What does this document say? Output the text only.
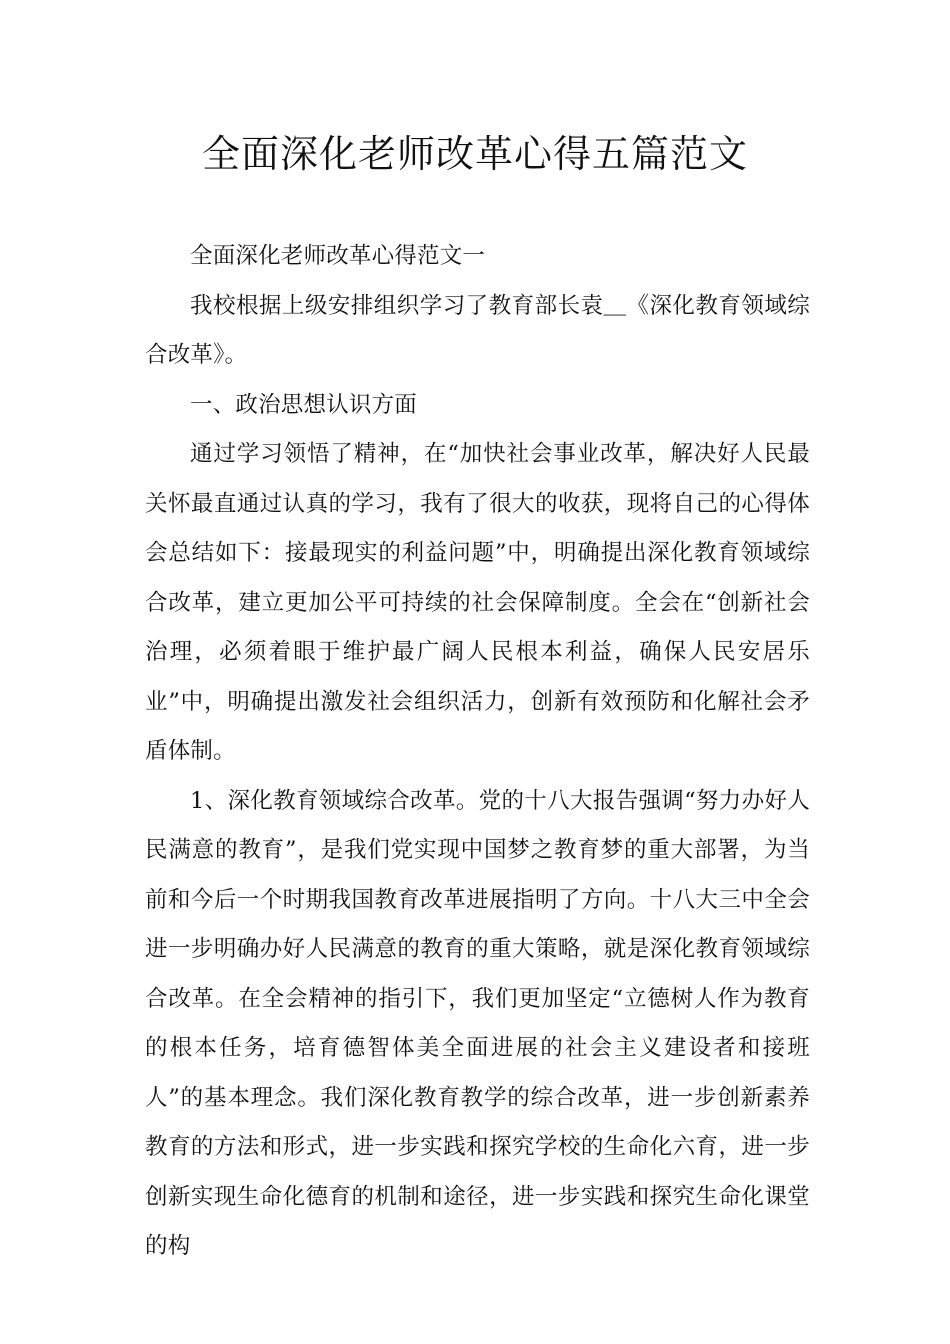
全面深化老师改革心得五篇范文

全面深化老师改革心得范文一

我校根据上级安排组织学习了教育部长袁＿《深化教育领域综合改革》。

一、政治思想认识方面

通过学习领悟了精神，在“加快社会事业改革，解决好人民最关怀最直通过认真的学习，我有了很大的收获，现将自己的心得体会总结如下：接最现实的利益问题”中，明确提出深化教育领域综合改革，建立更加公平可持续的社会保障制度。全会在“创新社会治理，必须着眼于维护最广阔人民根本利益，确保人民安居乐业”中，明确提出激发社会组织活力，创新有效预防和化解社会矛盾体制。

1、深化教育领域综合改革。党的十八大报告强调“努力办好人民满意的教育”，是我们党实现中国梦之教育梦的重大部署，为当前和今后一个时期我国教育改革进展指明了方向。十八大三中全会进一步明确办好人民满意的教育的重大策略，就是深化教育领域综合改革。在全会精神的指引下，我们更加坚定“立德树人作为教育的根本任务，培育德智体美全面进展的社会主义建设者和接班人”的基本理念。我们深化教育教学的综合改革，进一步创新素养教育的方法和形式，进一步实践和探究学校的生命化六育，进一步创新实现生命化德育的机制和途径，进一步实践和探究生命化课堂的构
